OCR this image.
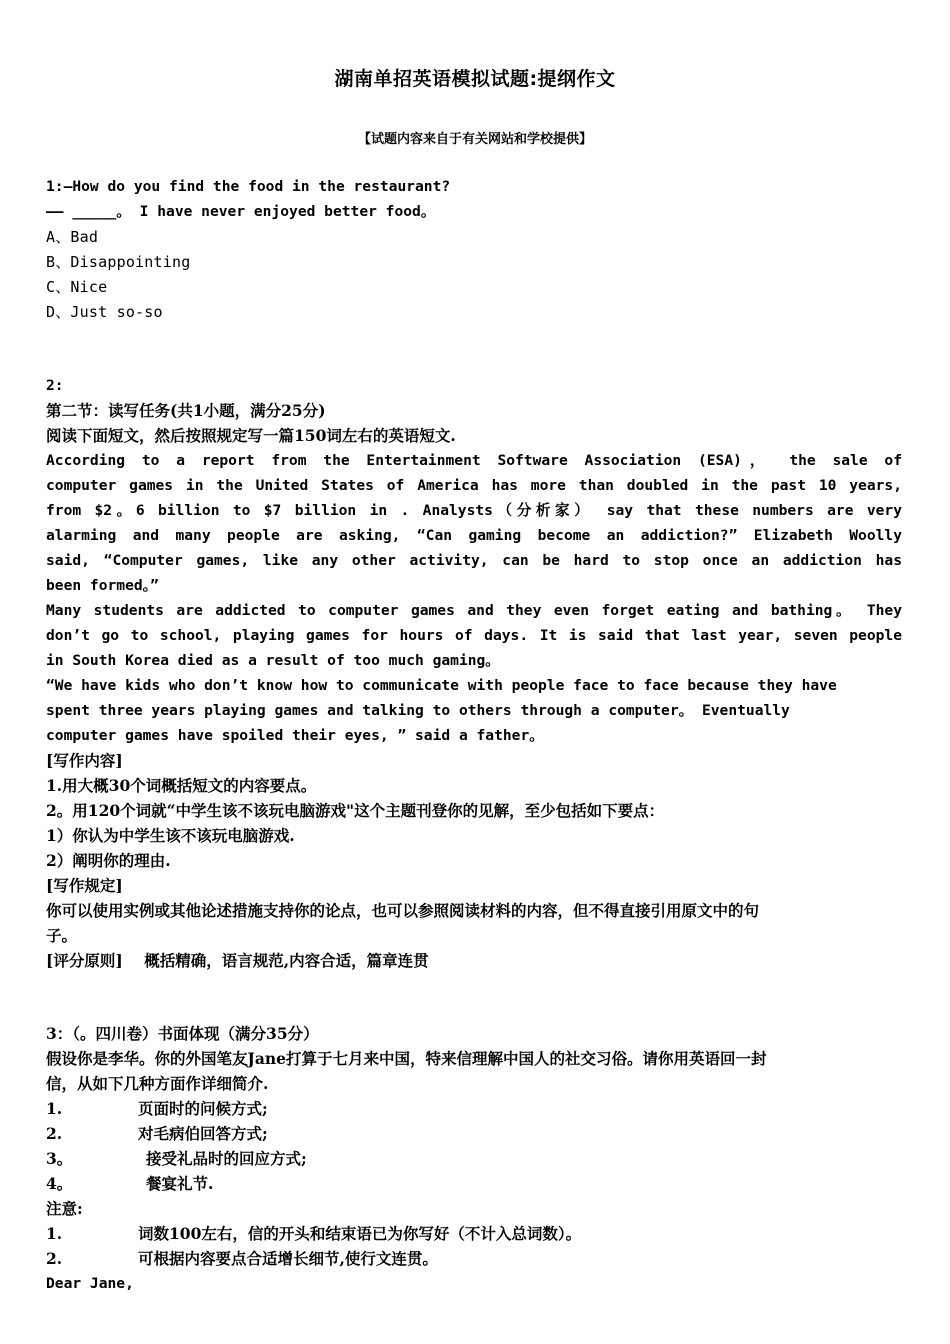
湖南单招英语模拟试题:提纲作文
【试题内容来自于有关网站和学校提供】
1:—How do you find the food in the restaurant?
—— _____。 I have never enjoyed better food。
A、Bad
B、Disappointing
C、Nice
D、Just so-so
2:
第二节：读写任务(共1小题，满分25分)
阅读下面短文，然后按照规定写一篇150词左右的英语短文.
According to a report from the Entertainment Software Association (ESA)， the sale of
computer games in the United States of America has more than doubled in the past 10 years,
from $2。6 billion to $7 billion in . Analysts（分析家） say that these numbers are very
alarming and many people are asking, “Can gaming become an addiction?” Elizabeth Woolly
said, “Computer games, like any other activity, can be hard to stop once an addiction has
been formed。”
Many students are addicted to computer games and they even forget eating and bathing。 They
don’t go to school, playing games for hours of days. It is said that last year, seven people
in South Korea died as a result of too much gaming。
“We have kids who don’t know how to communicate with people face to face because they have
spent three years playing games and talking to others through a computer。 Eventually
computer games have spoiled their eyes, ” said a father。
[写作内容]
1.用大概30个词概括短文的内容要点。
2。用120个词就“中学生该不该玩电脑游戏"这个主题刊登你的见解，至少包括如下要点：
1）你认为中学生该不该玩电脑游戏.
2）阐明你的理由.
[写作规定]
你可以使用实例或其他论述措施支持你的论点，也可以参照阅读材料的内容，但不得直接引用原文中的句
子。
[评分原则]    概括精确，语言规范,内容合适，篇章连贯
3：（。四川卷）书面体现（满分35分）
假设你是李华。你的外国笔友Jane打算于七月来中国，特来信理解中国人的社交习俗。请你用英语回一封
信，从如下几种方面作详细简介.
1.	页面时的问候方式;
2.	对毛病伯回答方式;
3。	接受礼品时的回应方式;
4。	餐宴礼节.
注意:
1.	词数100左右，信的开头和结束语已为你写好（不计入总词数）。
2.	可根据内容要点合适增长细节,使行文连贯。
Dear Jane,
